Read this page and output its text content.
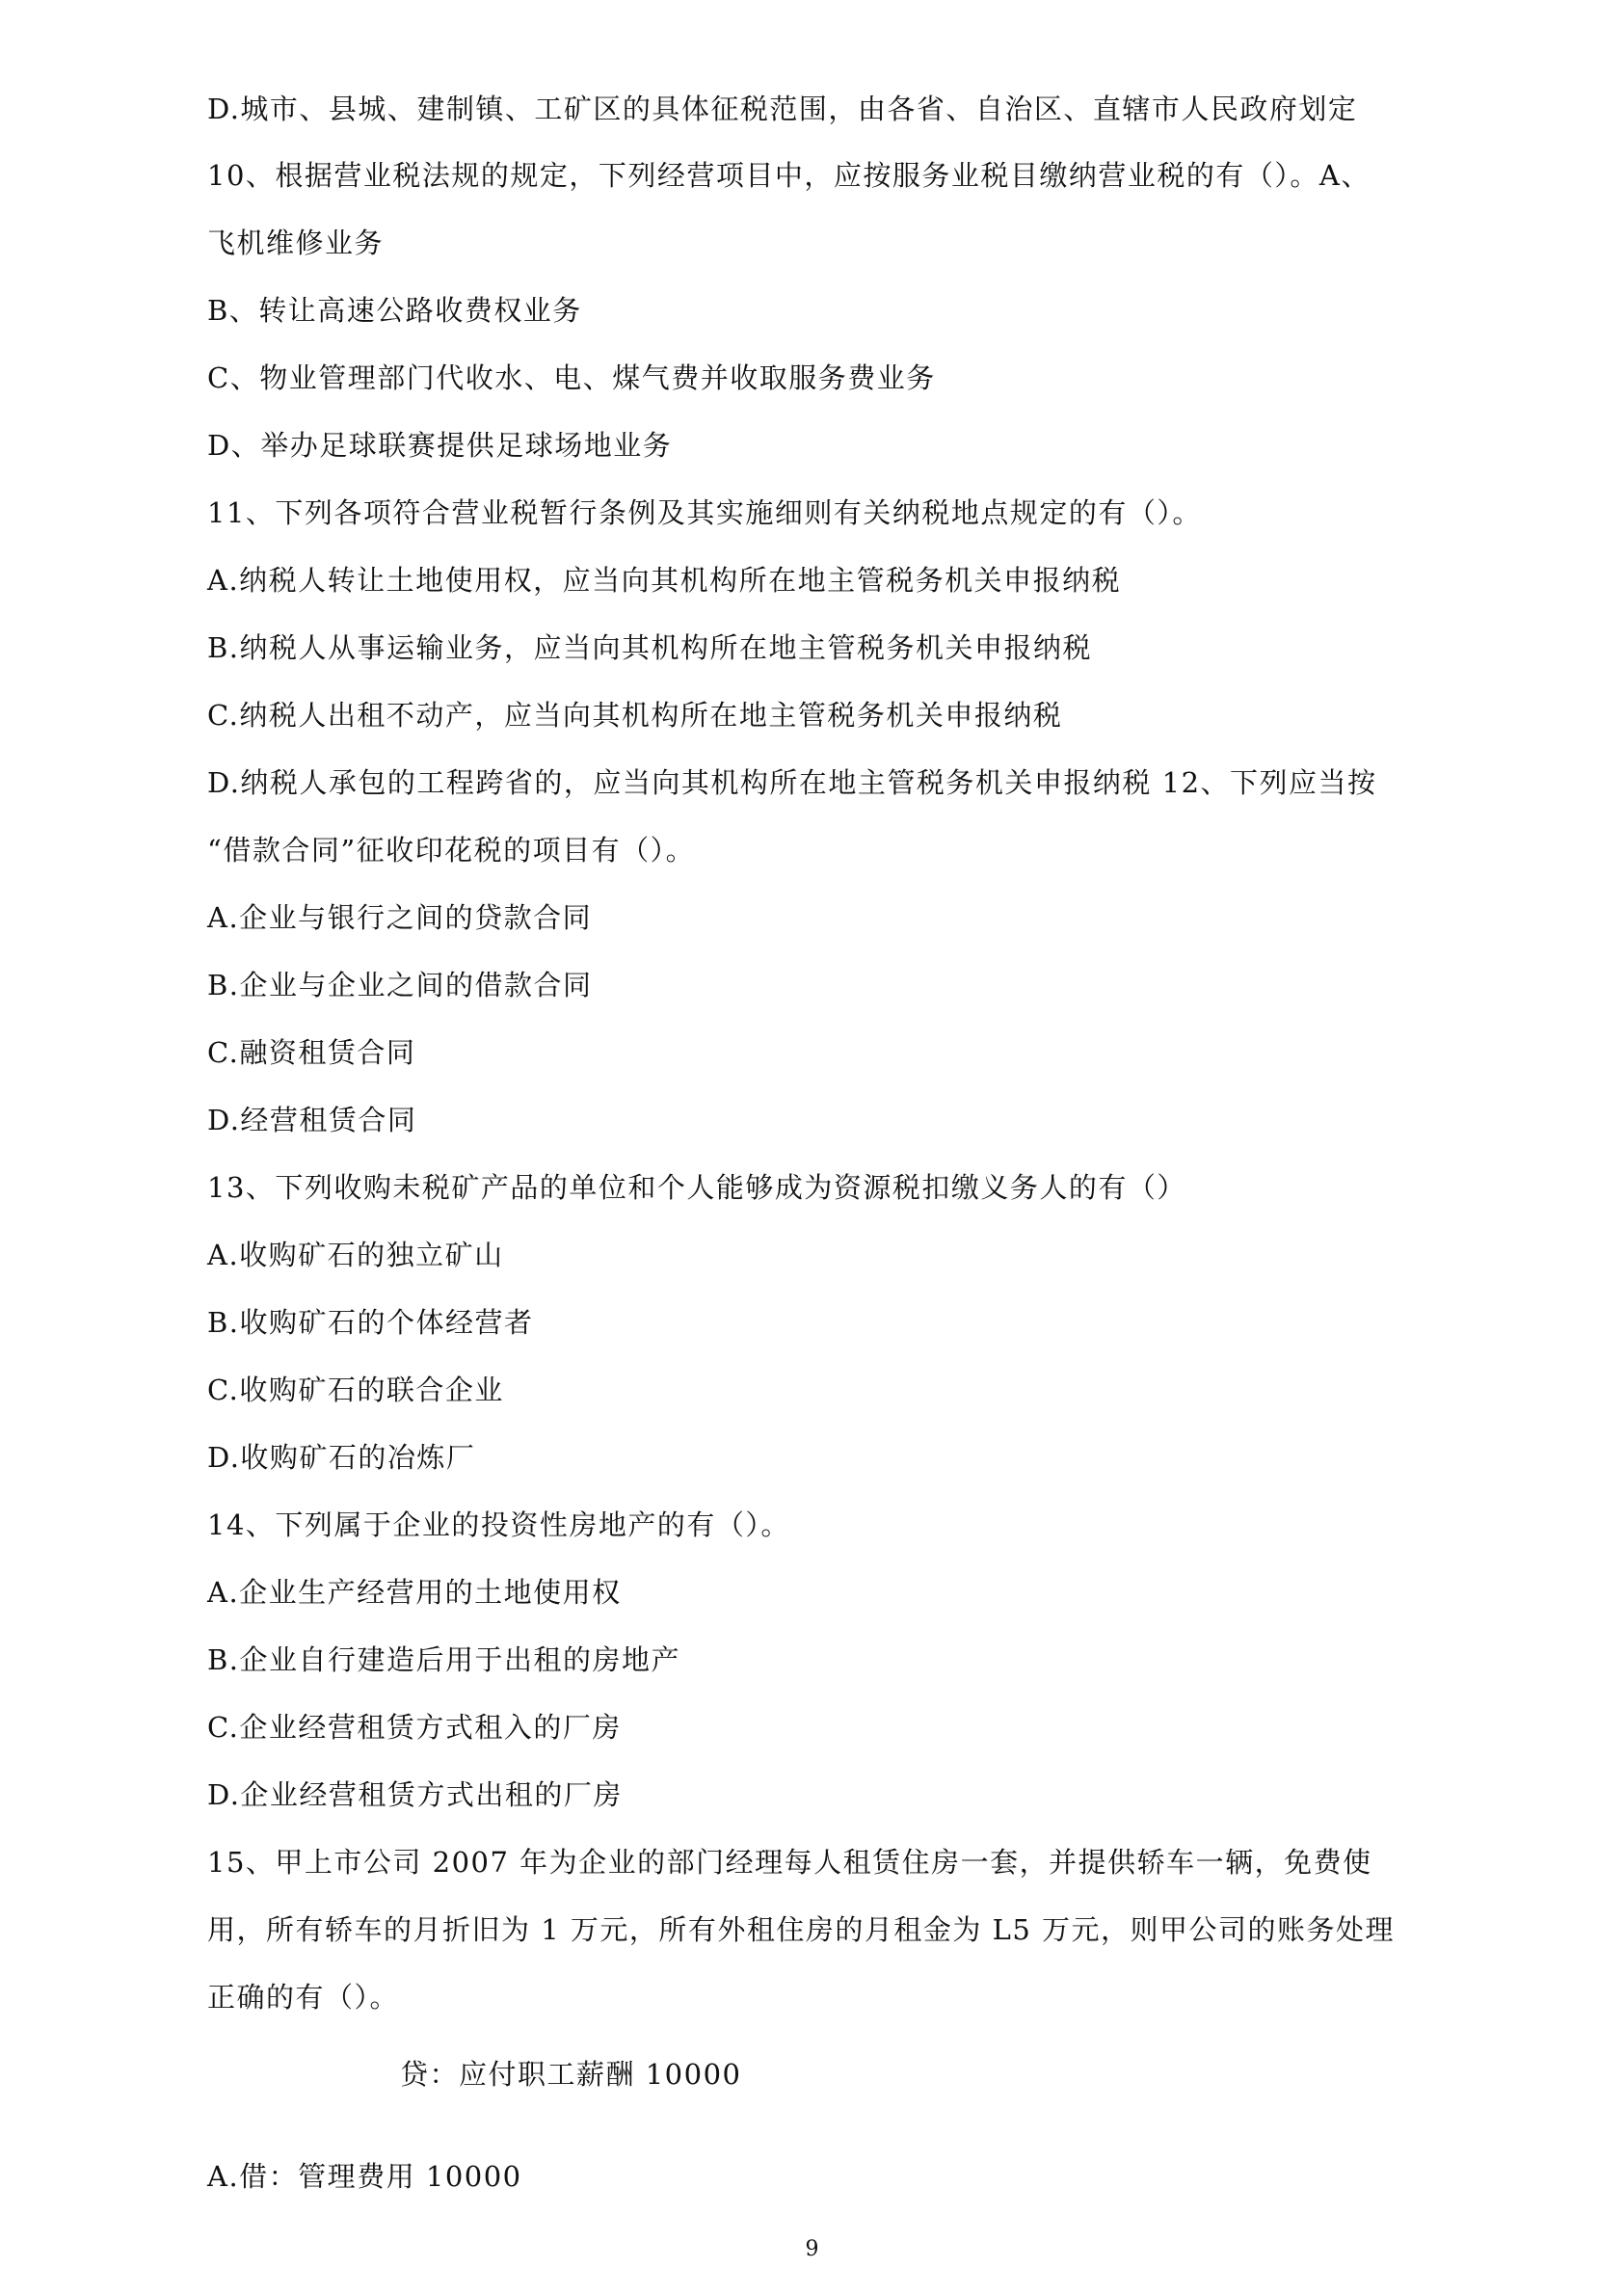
D.城市、县城、建制镇、工矿区的具体征税范围，由各省、自治区、直辖市人民政府划定
10、根据营业税法规的规定，下列经营项目中，应按服务业税目缴纳营业税的有（）。A、
飞机维修业务
B、转让高速公路收费权业务
C、物业管理部门代收水、电、煤气费并收取服务费业务
D、举办足球联赛提供足球场地业务
11、下列各项符合营业税暂行条例及其实施细则有关纳税地点规定的有（）。
A.纳税人转让土地使用权，应当向其机构所在地主管税务机关申报纳税
B.纳税人从事运输业务，应当向其机构所在地主管税务机关申报纳税
C.纳税人出租不动产，应当向其机构所在地主管税务机关申报纳税
D.纳税人承包的工程跨省的，应当向其机构所在地主管税务机关申报纳税 12、下列应当按
“借款合同”征收印花税的项目有（）。
A.企业与银行之间的贷款合同
B.企业与企业之间的借款合同
C.融资租赁合同
D.经营租赁合同
13、下列收购未税矿产品的单位和个人能够成为资源税扣缴义务人的有（）
A.收购矿石的独立矿山
B.收购矿石的个体经营者
C.收购矿石的联合企业
D.收购矿石的冶炼厂
14、下列属于企业的投资性房地产的有（）。
A.企业生产经营用的土地使用权
B.企业自行建造后用于出租的房地产
C.企业经营租赁方式租入的厂房
D.企业经营租赁方式出租的厂房
15、甲上市公司 2007 年为企业的部门经理每人租赁住房一套，并提供轿车一辆，免费使
用，所有轿车的月折旧为 1 万元，所有外租住房的月租金为 L5 万元，则甲公司的账务处理
正确的有（）。
贷：应付职工薪酬 10000
A.借：管理费用 10000
9
